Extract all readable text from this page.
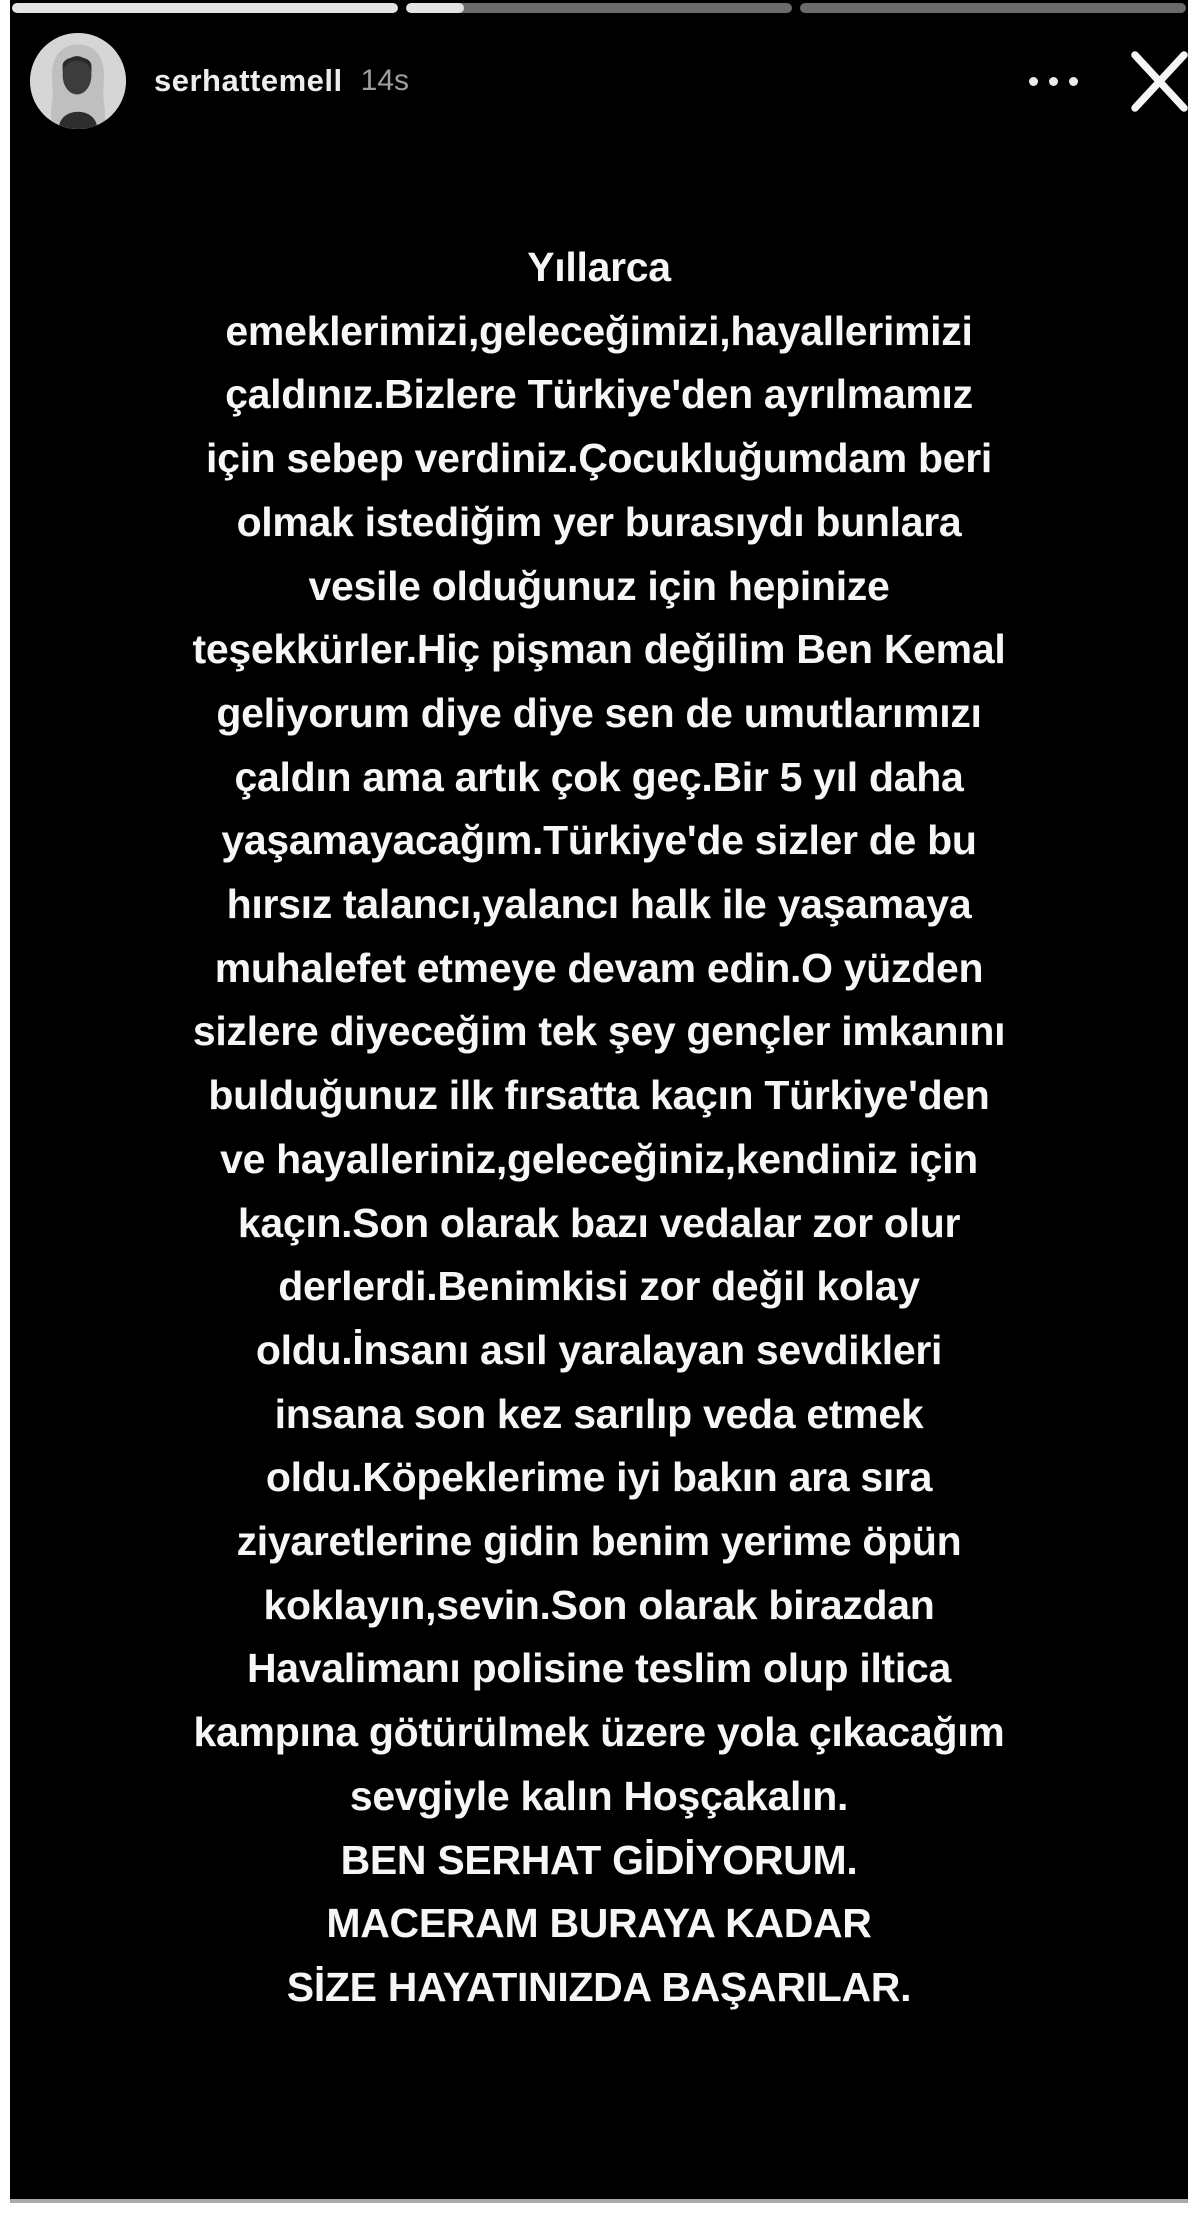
serhattemell 14s
Yıllarca
emeklerimizi,geleceğimizi,hayallerimizi
çaldınız.Bizlere Türkiye'den ayrılmamız
için sebep verdiniz.Çocukluğumdam beri
olmak istediğim yer burasıydı bunlara
vesile olduğunuz için hepinize
teşekkürler.Hiç pişman değilim Ben Kemal
geliyorum diye diye sen de umutlarımızı
çaldın ama artık çok geç.Bir 5 yıl daha
yaşamayacağım.Türkiye'de sizler de bu
hırsız talancı,yalancı halk ile yaşamaya
muhalefet etmeye devam edin.O yüzden
sizlere diyeceğim tek şey gençler imkanını
bulduğunuz ilk fırsatta kaçın Türkiye'den
ve hayalleriniz,geleceğiniz,kendiniz için
kaçın.Son olarak bazı vedalar zor olur
derlerdi.Benimkisi zor değil kolay
oldu.İnsanı asıl yaralayan sevdikleri
insana son kez sarılıp veda etmek
oldu.Köpeklerime iyi bakın ara sıra
ziyaretlerine gidin benim yerime öpün
koklayın,sevin.Son olarak birazdan
Havalimanı polisine teslim olup iltica
kampına götürülmek üzere yola çıkacağım
sevgiyle kalın Hoşçakalın.
BEN SERHAT GİDİYORUM.
MACERAM BURAYA KADAR
SİZE HAYATINIZDA BAŞARILAR.
